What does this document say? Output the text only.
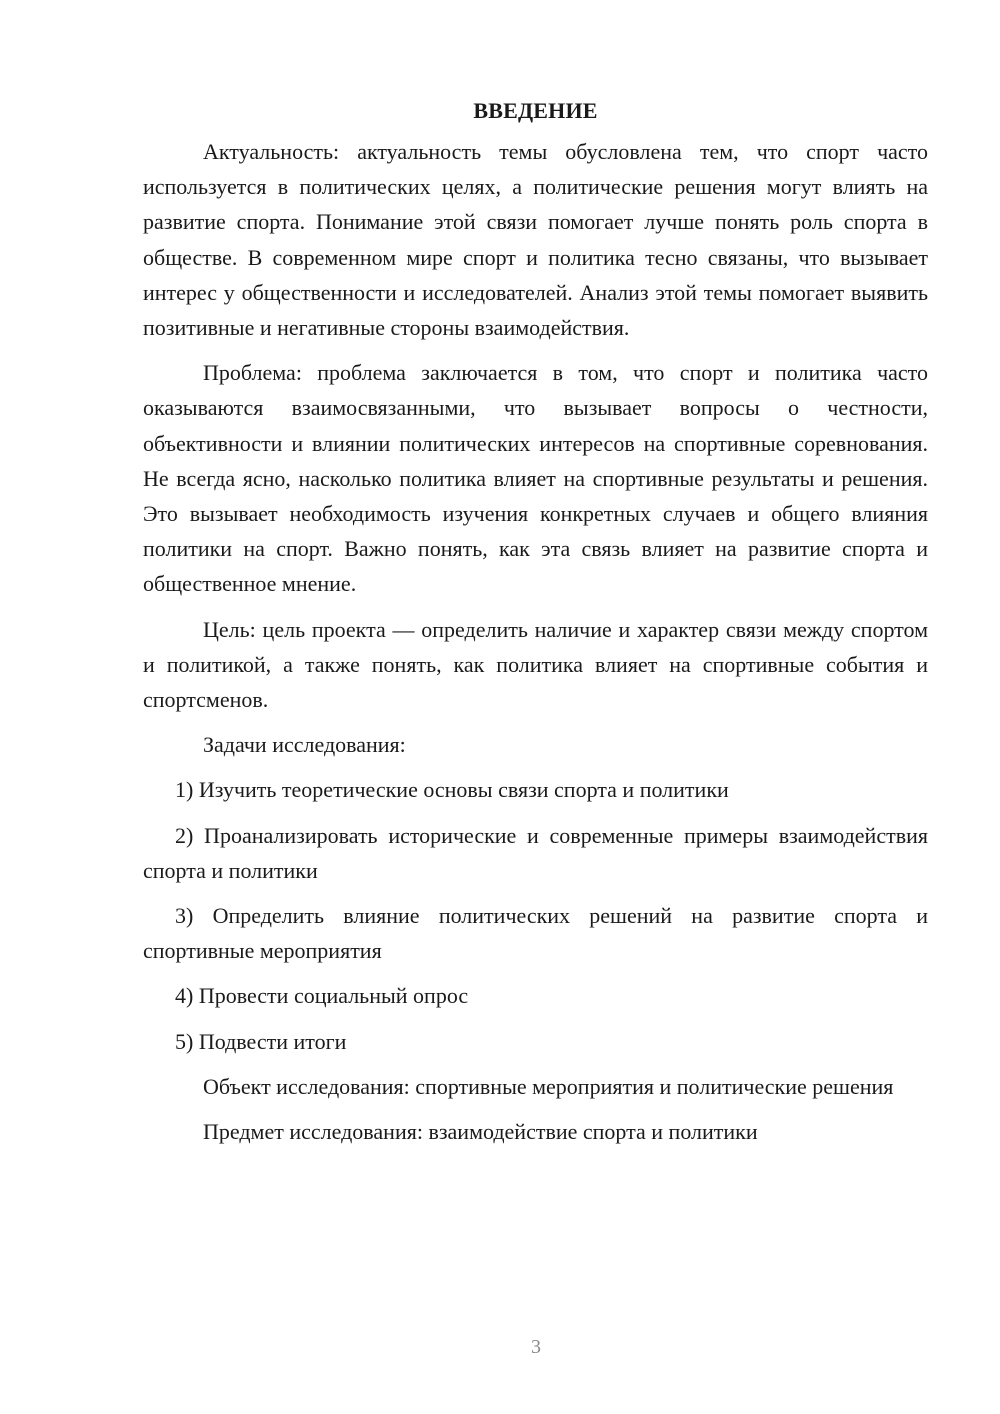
ВВЕДЕНИЕ

Актуальность: актуальность темы обусловлена тем, что спорт часто используется в политических целях, а политические решения могут влиять на развитие спорта. Понимание этой связи помогает лучше понять роль спорта в обществе. В современном мире спорт и политика тесно связаны, что вызывает интерес у общественности и исследователей. Анализ этой темы помогает выявить позитивные и негативные стороны взаимодействия.

Проблема: проблема заключается в том, что спорт и политика часто оказываются взаимосвязанными, что вызывает вопросы о честности, объективности и влиянии политических интересов на спортивные соревнования. Не всегда ясно, насколько политика влияет на спортивные результаты и решения. Это вызывает необходимость изучения конкретных случаев и общего влияния политики на спорт. Важно понять, как эта связь влияет на развитие спорта и общественное мнение.

Цель: цель проекта — определить наличие и характер связи между спортом и политикой, а также понять, как политика влияет на спортивные события и спортсменов.

Задачи исследования:

1) Изучить теоретические основы связи спорта и политики

2) Проанализировать исторические и современные примеры взаимодействия спорта и политики

3) Определить влияние политических решений на развитие спорта и спортивные мероприятия

4) Провести социальный опрос

5) Подвести итоги

Объект исследования: спортивные мероприятия и политические решения

Предмет исследования: взаимодействие спорта и политики

3
